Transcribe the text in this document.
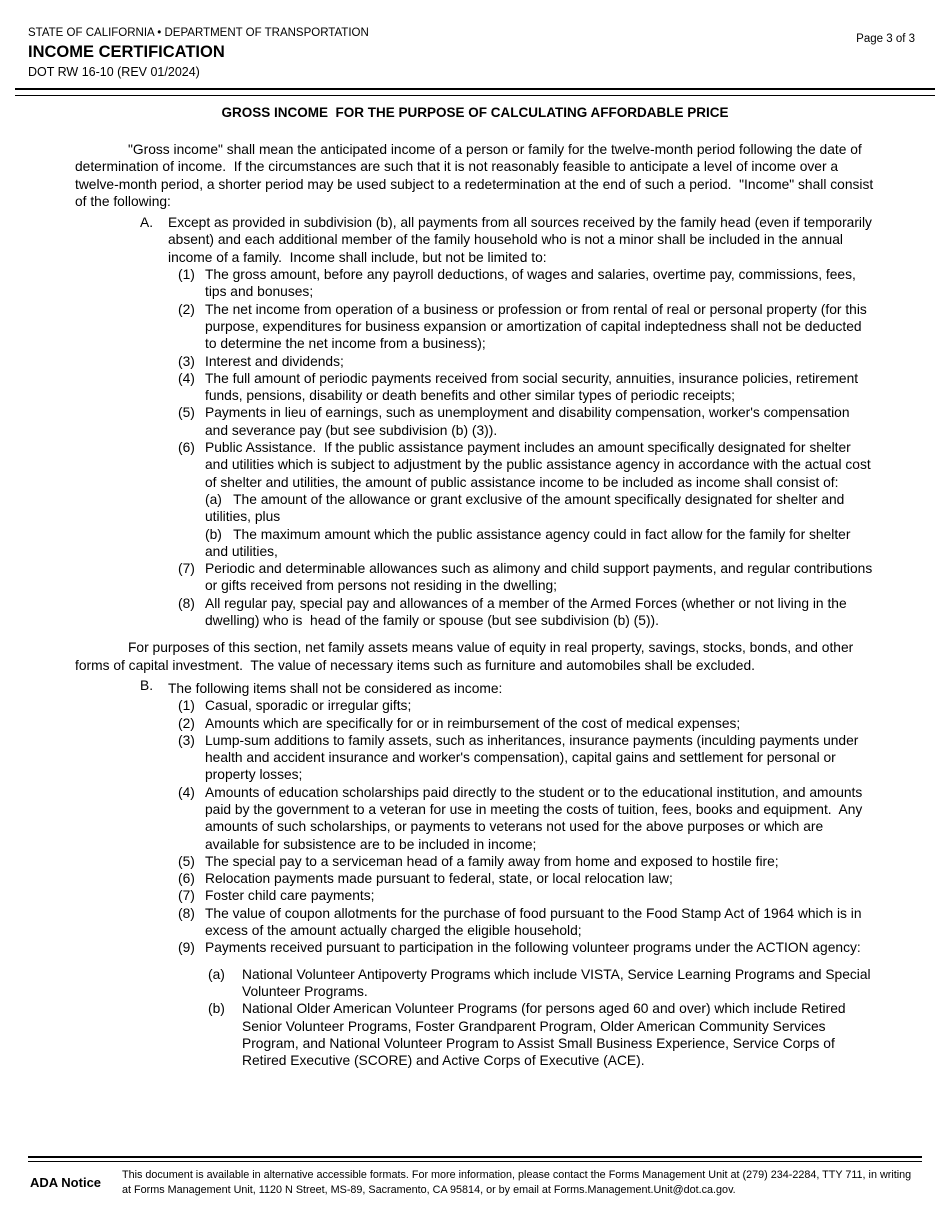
STATE OF CALIFORNIA • DEPARTMENT OF TRANSPORTATION
INCOME CERTIFICATION
DOT RW 16-10 (REV 01/2024)
Page 3 of 3
GROSS INCOME  FOR THE PURPOSE OF CALCULATING AFFORDABLE PRICE
"Gross income" shall mean the anticipated income of a person or family for the twelve-month period following the date of determination of income.  If the circumstances are such that it is not reasonably feasible to anticipate a level of income over a twelve-month period, a shorter period may be used subject to a redetermination at the end of such a period.  "Income" shall consist of the following:
A.	Except as provided in subdivision (b), all payments from all sources received by the family head (even if temporarily absent) and each additional member of the family household who is not a minor shall be included in the annual income of a family.  Income shall include, but not be limited to:
(1) The gross amount, before any payroll deductions, of wages and salaries, overtime pay, commissions, fees, tips and bonuses;
(2) The net income from operation of a business or profession or from rental of real or personal property (for this purpose, expenditures for business expansion or amortization of capital indeptedness shall not be deducted to determine the net income from a business);
(3) Interest and dividends;
(4) The full amount of periodic payments received from social security, annuities, insurance policies, retirement funds, pensions, disability or death benefits and other similar types of periodic receipts;
(5) Payments in lieu of earnings, such as unemployment and disability compensation, worker's compensation and severance pay (but see subdivision (b) (3)).
(6) Public Assistance.  If the public assistance payment includes an amount specifically designated for shelter and utilities which is subject to adjustment by the public assistance agency in accordance with the actual cost of shelter and utilities, the amount of public assistance income to be included as income shall consist of:
(a)   The amount of the allowance or grant exclusive of the amount specifically designated for shelter and utilities, plus
(b)   The maximum amount which the public assistance agency could in fact allow for the family for shelter and utilities,
(7) Periodic and determinable allowances such as alimony and child support payments, and regular contributions or gifts received from persons not residing in the dwelling;
(8) All regular pay, special pay and allowances of a member of the Armed Forces (whether or not living in the dwelling) who is  head of the family or spouse (but see subdivision (b) (5)).
For purposes of this section, net family assets means value of equity in real property, savings, stocks, bonds, and other  forms of capital investment.  The value of necessary items such as furniture and automobiles shall be excluded.
B.	The following items shall not be considered as income:
(1) Casual, sporadic or irregular gifts;
(2) Amounts which are specifically for or in reimbursement of the cost of medical expenses;
(3) Lump-sum additions to family assets, such as inheritances, insurance payments (inculding payments under health and accident insurance and worker's compensation), capital gains and settlement for personal or property losses;
(4) Amounts of education scholarships paid directly to the student or to the educational institution, and amounts paid by the government to a veteran for use in meeting the costs of tuition, fees, books and equipment.  Any amounts of such scholarships, or payments to veterans not used for the above purposes or which are available for subsistence are to be included in income;
(5) The special pay to a serviceman head of a family away from home and exposed to hostile fire;
(6) Relocation payments made pursuant to federal, state, or local relocation law;
(7) Foster child care payments;
(8) The value of coupon allotments for the purchase of food pursuant to the Food Stamp Act of 1964 which is in excess of the amount actually charged the eligible household;
(9) Payments received pursuant to participation in the following volunteer programs under the ACTION agency:
(a)	National Volunteer Antipoverty Programs which include VISTA, Service Learning Programs and Special Volunteer Programs.
(b)	National Older American Volunteer Programs (for persons aged 60 and over) which include Retired Senior Volunteer Programs, Foster Grandparent Program, Older American Community Services Program, and National Volunteer Program to Assist Small Business Experience, Service Corps of Retired Executive (SCORE) and Active Corps of Executive (ACE).
ADA Notice	This document is available in alternative accessible formats. For more information, please contact the Forms Management Unit at (279) 234-2284, TTY 711, in writing at Forms Management Unit, 1120 N Street, MS-89, Sacramento, CA 95814, or by email at Forms.Management.Unit@dot.ca.gov.
